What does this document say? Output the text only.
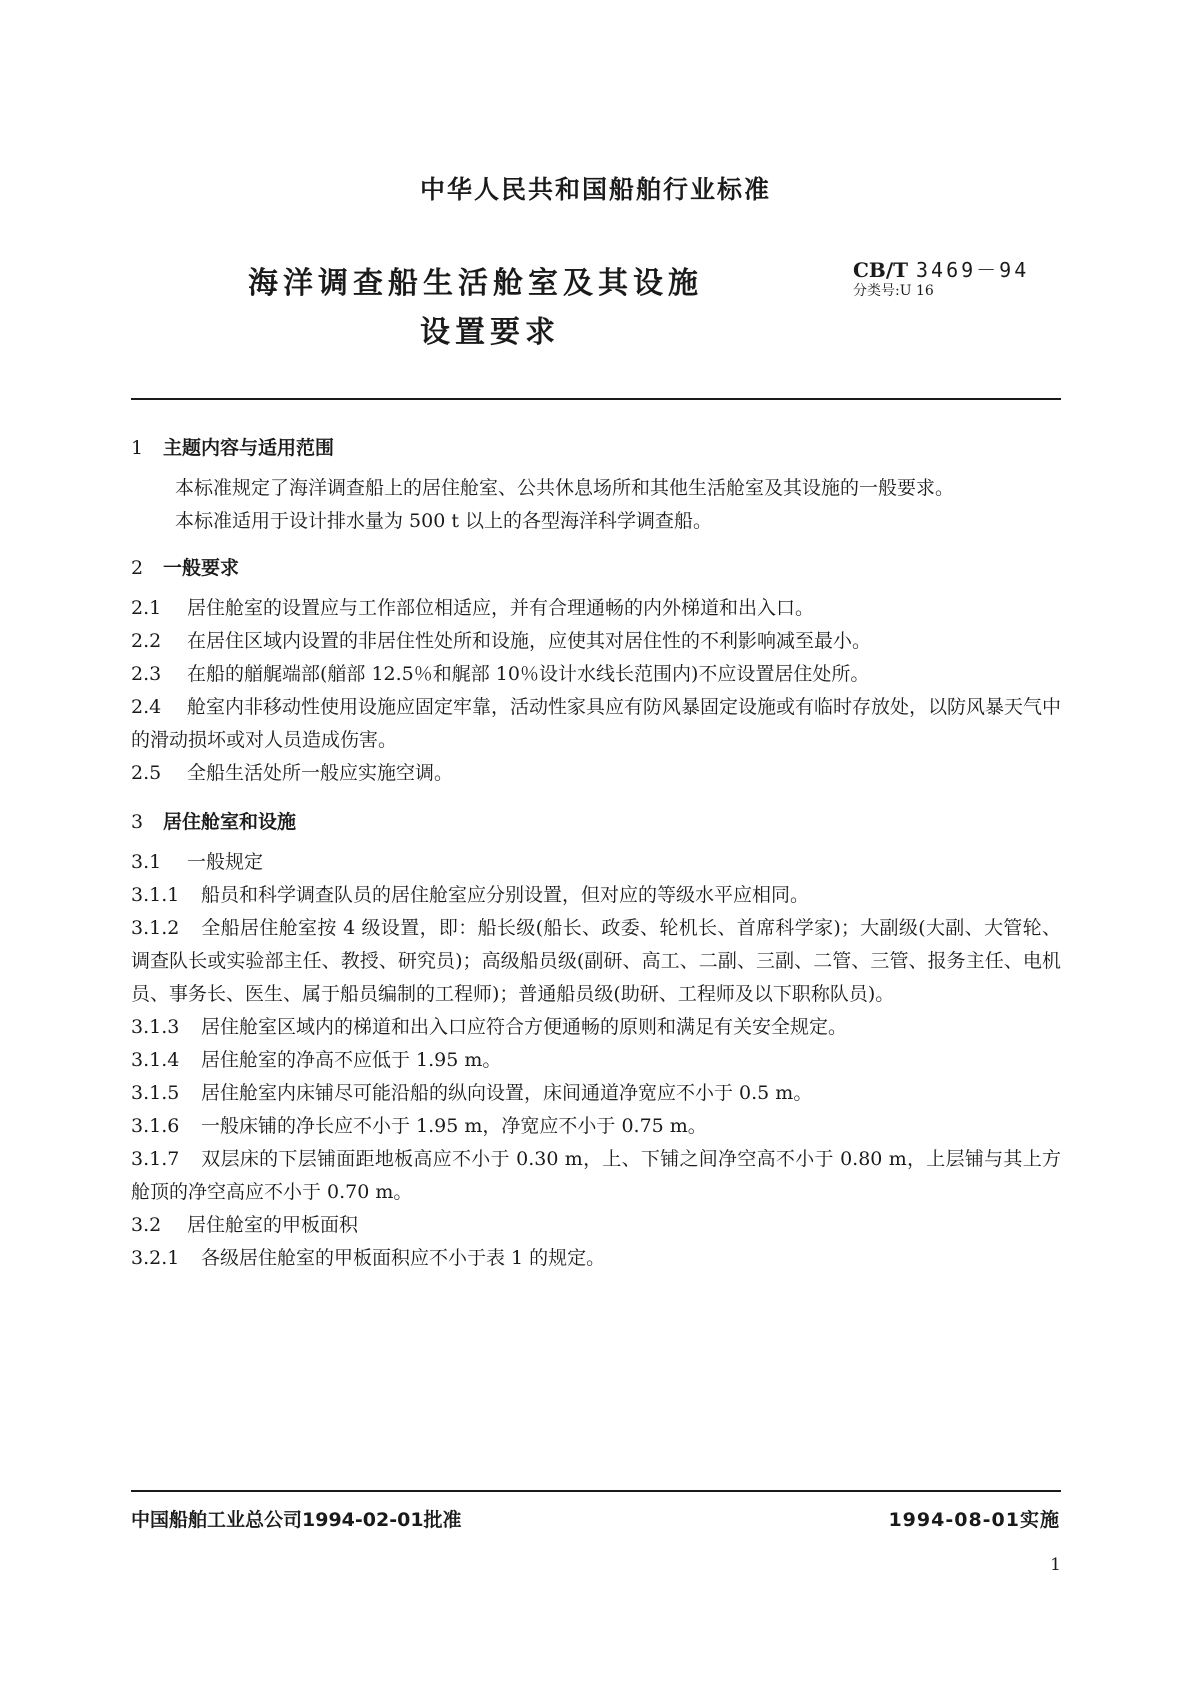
中华人民共和国船舶行业标准
海洋调查船生活舱室及其设施
设置要求
CB/T 3469－94
分类号:U 16
1 主题内容与适用范围
本标准规定了海洋调查船上的居住舱室、公共休息场所和其他生活舱室及其设施的一般要求。
本标准适用于设计排水量为 500 t 以上的各型海洋科学调查船。
2 一般要求
2.1 居住舱室的设置应与工作部位相适应，并有合理通畅的内外梯道和出入口。
2.2 在居住区域内设置的非居住性处所和设施，应使其对居住性的不利影响减至最小。
2.3 在船的艏艉端部(艏部 12.5％和艉部 10％设计水线长范围内)不应设置居住处所。
2.4 舱室内非移动性使用设施应固定牢靠，活动性家具应有防风暴固定设施或有临时存放处，以防风暴天气中的滑动损坏或对人员造成伤害。
2.5 全船生活处所一般应实施空调。
3 居住舱室和设施
3.1 一般规定
3.1.1 船员和科学调查队员的居住舱室应分别设置，但对应的等级水平应相同。
3.1.2 全船居住舱室按 4 级设置，即：船长级(船长、政委、轮机长、首席科学家)；大副级(大副、大管轮、调查队长或实验部主任、教授、研究员)；高级船员级(副研、高工、二副、三副、二管、三管、报务主任、电机员、事务长、医生、属于船员编制的工程师)；普通船员级(助研、工程师及以下职称队员)。
3.1.3 居住舱室区域内的梯道和出入口应符合方便通畅的原则和满足有关安全规定。
3.1.4 居住舱室的净高不应低于 1.95 m。
3.1.5 居住舱室内床铺尽可能沿船的纵向设置，床间通道净宽应不小于 0.5 m。
3.1.6 一般床铺的净长应不小于 1.95 m，净宽应不小于 0.75 m。
3.1.7 双层床的下层铺面距地板高应不小于 0.30 m，上、下铺之间净空高不小于 0.80 m，上层铺与其上方舱顶的净空高应不小于 0.70 m。
3.2 居住舱室的甲板面积
3.2.1 各级居住舱室的甲板面积应不小于表 1 的规定。
中国船舶工业总公司1994-02-01批准	1994-08-01实施
1
